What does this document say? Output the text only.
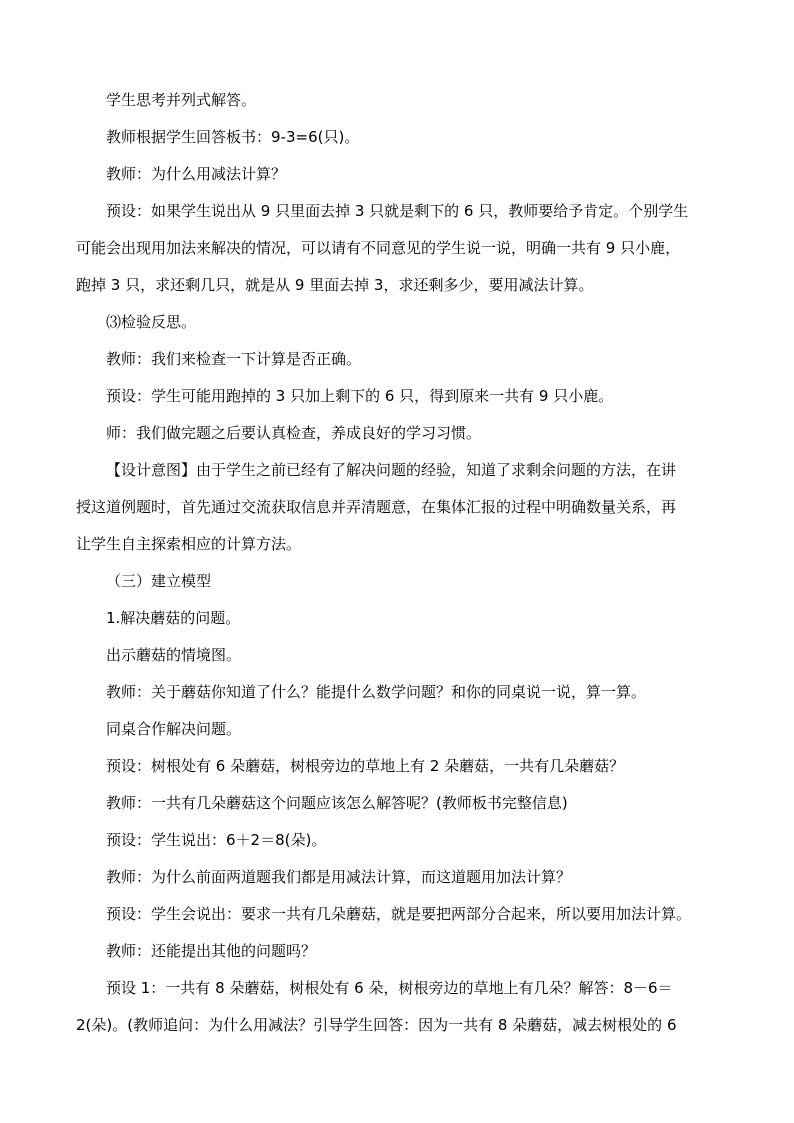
学生思考并列式解答。
教师根据学生回答板书：9-3=6(只)。
教师：为什么用减法计算？
预设：如果学生说出从 9 只里面去掉 3 只就是剩下的 6 只，教师要给予肯定。个别学生
可能会出现用加法来解决的情况，可以请有不同意见的学生说一说，明确一共有 9 只小鹿，
跑掉 3 只，求还剩几只，就是从 9 里面去掉 3，求还剩多少，要用减法计算。
⑶检验反思。
教师：我们来检查一下计算是否正确。
预设：学生可能用跑掉的 3 只加上剩下的 6 只，得到原来一共有 9 只小鹿。
师：我们做完题之后要认真检查，养成良好的学习习惯。
【设计意图】由于学生之前已经有了解决问题的经验，知道了求剩余问题的方法，在讲
授这道例题时，首先通过交流获取信息并弄清题意，在集体汇报的过程中明确数量关系，再
让学生自主探索相应的计算方法。
（三）建立模型
1.解决蘑菇的问题。
出示蘑菇的情境图。
教师：关于蘑菇你知道了什么？能提什么数学问题？和你的同桌说一说，算一算。
同桌合作解决问题。
预设：树根处有 6 朵蘑菇，树根旁边的草地上有 2 朵蘑菇，一共有几朵蘑菇？
教师：一共有几朵蘑菇这个问题应该怎么解答呢？(教师板书完整信息)
预设：学生说出：6＋2＝8(朵)。
教师：为什么前面两道题我们都是用减法计算，而这道题用加法计算？
预设：学生会说出：要求一共有几朵蘑菇，就是要把两部分合起来，所以要用加法计算。
教师：还能提出其他的问题吗？
预设 1：一共有 8 朵蘑菇，树根处有 6 朵，树根旁边的草地上有几朵？解答：8－6＝
2(朵)。(教师追问：为什么用减法？引导学生回答：因为一共有 8 朵蘑菇，减去树根处的 6
